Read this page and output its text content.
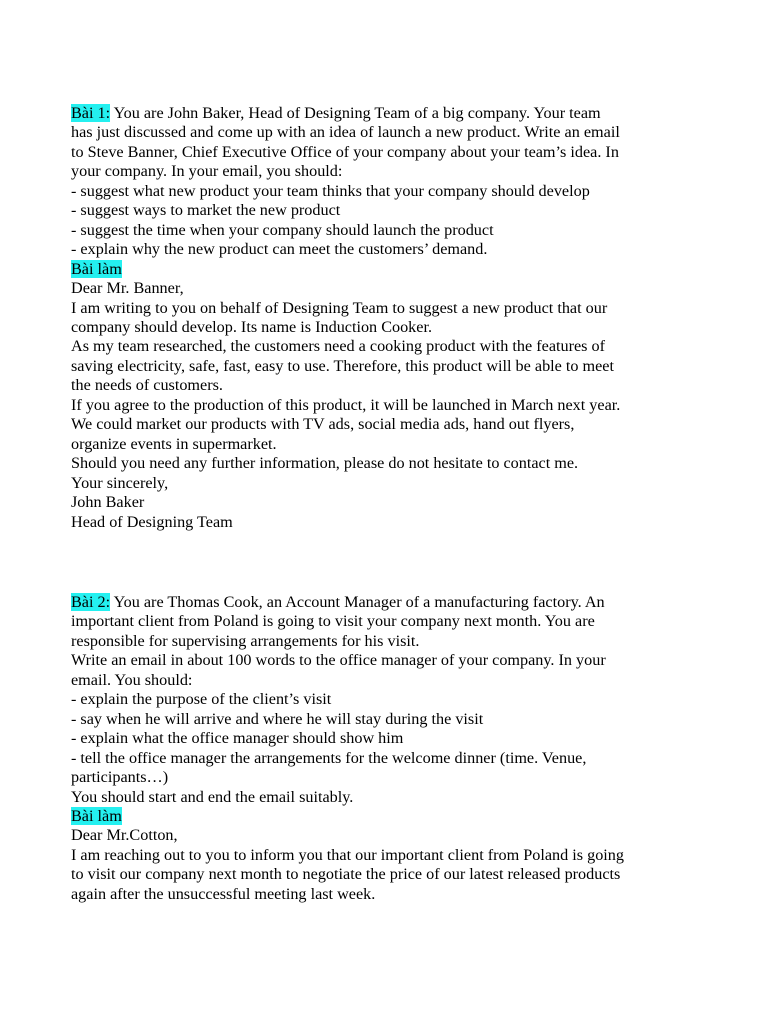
Bài 1: You are John Baker, Head of Designing Team of a big company. Your team
has just discussed and come up with an idea of launch a new product. Write an email
to Steve Banner, Chief Executive Office of your company about your team’s idea. In
your company. In your email, you should:
- suggest what new product your team thinks that your company should develop
- suggest ways to market the new product
- suggest the time when your company should launch the product
- explain why the new product can meet the customers’ demand.
Bài làm
Dear Mr. Banner,
I am writing to you on behalf of Designing Team to suggest a new product that our
company should develop. Its name is Induction Cooker.
As my team researched, the customers need a cooking product with the features of
saving electricity, safe, fast, easy to use. Therefore, this product will be able to meet
the needs of customers.
If you agree to the production of this product, it will be launched in March next year.
We could market our products with TV ads, social media ads, hand out flyers,
organize events in supermarket.
Should you need any further information, please do not hesitate to contact me.
Your sincerely,
John Baker
Head of Designing Team
Bài 2: You are Thomas Cook, an Account Manager of a manufacturing factory. An
important client from Poland is going to visit your company next month. You are
responsible for supervising arrangements for his visit.
Write an email in about 100 words to the office manager of your company. In your
email. You should:
- explain the purpose of the client’s visit
- say when he will arrive and where he will stay during the visit
- explain what the office manager should show him
- tell the office manager the arrangements for the welcome dinner (time. Venue,
participants…)
You should start and end the email suitably.
Bài làm
Dear Mr.Cotton,
I am reaching out to you to inform you that our important client from Poland is going
to visit our company next month to negotiate the price of our latest released products
again after the unsuccessful meeting last week.
